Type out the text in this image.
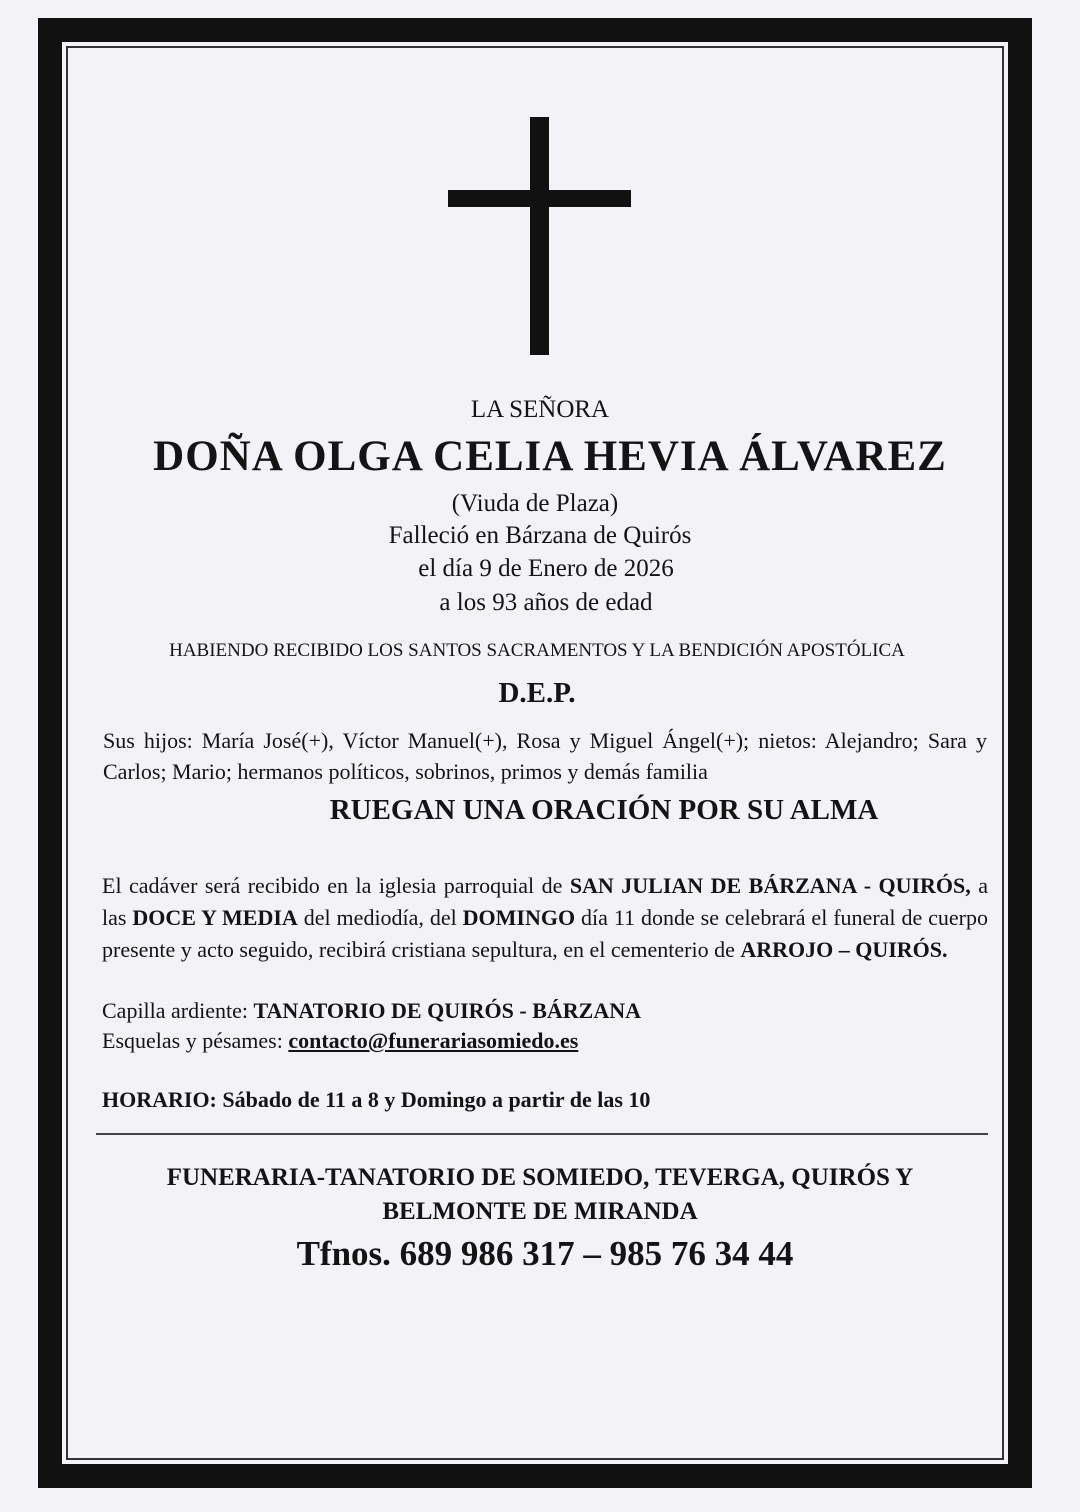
LA SEÑORA
DOÑA OLGA CELIA HEVIA ÁLVAREZ
(Viuda de Plaza)
Falleció en Bárzana de Quirós
el día 9 de Enero de 2026
a los 93 años de edad
HABIENDO RECIBIDO LOS SANTOS SACRAMENTOS Y LA BENDICIÓN APOSTÓLICA
D.E.P.
Sus hijos: María José(+), Víctor Manuel(+), Rosa y Miguel Ángel(+); nietos: Alejandro; Sara y Carlos; Mario; hermanos políticos, sobrinos, primos y demás familia
RUEGAN UNA ORACIÓN POR SU ALMA
El cadáver será recibido en la iglesia parroquial de SAN JULIAN DE BÁRZANA - QUIRÓS, a las DOCE Y MEDIA del mediodía, del DOMINGO día 11 donde se celebrará el funeral de cuerpo presente y acto seguido, recibirá cristiana sepultura, en el cementerio de ARROJO – QUIRÓS.
Capilla ardiente: TANATORIO DE QUIRÓS - BÁRZANA
Esquelas y pésames: contacto@funerariasomiedo.es
HORARIO: Sábado de 11 a 8 y Domingo a partir de las 10
FUNERARIA-TANATORIO DE SOMIEDO, TEVERGA, QUIRÓS Y
BELMONTE DE MIRANDA
Tfnos. 689 986 317 – 985 76 34 44
